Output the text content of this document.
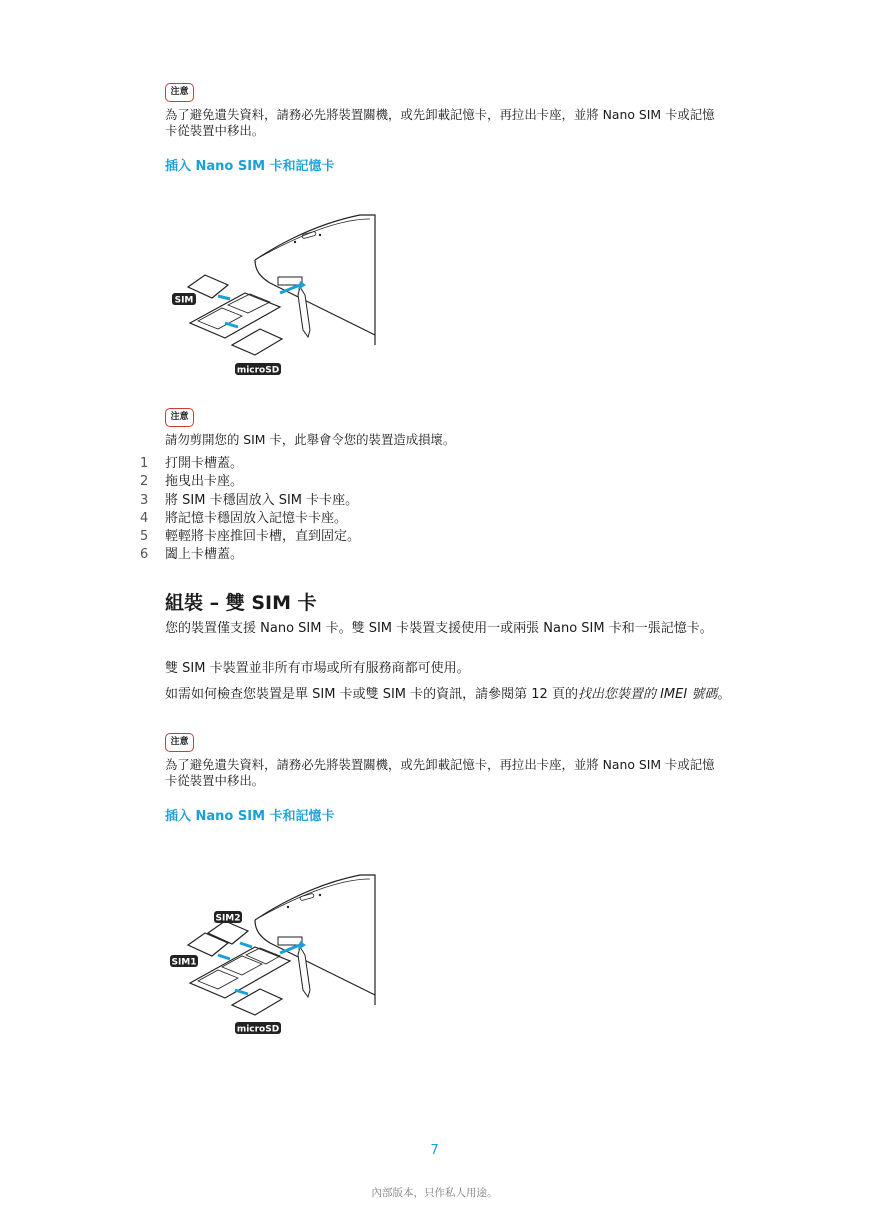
注意
為了避免遺失資料，請務必先將裝置關機，或先卸載記憶卡，再拉出卡座，並將 Nano SIM 卡或記憶卡從裝置中移出。
插入 Nano SIM 卡和記憶卡
SIM
microSD
注意
請勿剪開您的 SIM 卡，此舉會令您的裝置造成損壞。
1	打開卡槽蓋。
2	拖曳出卡座。
3	將 SIM 卡穩固放入 SIM 卡卡座。
4	將記憶卡穩固放入記憶卡卡座。
5	輕輕將卡座推回卡槽，直到固定。
6	闔上卡槽蓋。
組裝 – 雙 SIM 卡
您的裝置僅支援 Nano SIM 卡。雙 SIM 卡裝置支援使用一或兩張 Nano SIM 卡和一張記憶卡。
雙 SIM 卡裝置並非所有市場或所有服務商都可使用。
如需如何檢查您裝置是單 SIM 卡或雙 SIM 卡的資訊，請參閱第 12 頁的找出您裝置的 IMEI 號碼。
注意
為了避免遺失資料，請務必先將裝置關機，或先卸載記憶卡，再拉出卡座，並將 Nano SIM 卡或記憶卡從裝置中移出。
插入 Nano SIM 卡和記憶卡
SIM2
SIM1
microSD
7
內部版本，只作私人用途。
